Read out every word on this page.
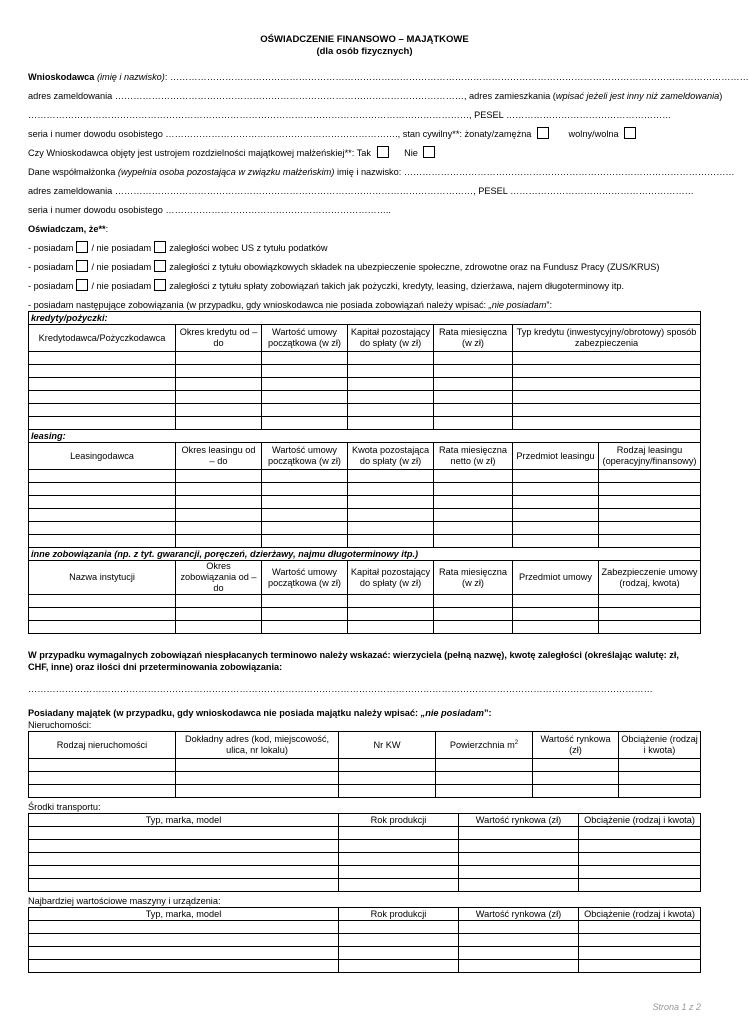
OŚWIADCZENIE FINANSOWO – MAJĄTKOWE
(dla osób fizycznych)
Wnioskodawca (imię i nazwisko): ………………………………………………………………………………………………………………………………………………………………………
adres zameldowania ……………………………………………………………………………………………………, adres zamieszkania (wpisać jeżeli jest inny niż zameldowania)
………………………………………………………………………………………………………………………………, PESEL ………………………………………………
seria i numer dowodu osobistego …………………………………………………………………., stan cywilny**: żonaty/zamężna	wolny/wolna
Czy Wnioskodawca objęty jest ustrojem rozdzielności majątkowej małżeńskiej**: Tak	Nie
Dane współmałżonka (wypełnia osoba pozostająca w związku małżeńskim) imię i nazwisko: ………………………………………………………………………………………………
adres zameldowania ………………………………………………………………………………………………………, PESEL ……………………………………………………
seria i numer dowodu osobistego ………………………………………………………………..
Oświadczam, że**:
- posiadam / nie posiadam zaległości wobec US z tytułu podatków
- posiadam / nie posiadam zaległości z tytułu obowiązkowych składek na ubezpieczenie społeczne, zdrowotne oraz na Fundusz Pracy (ZUS/KRUS)
- posiadam / nie posiadam zaległości z tytułu spłaty zobowiązań takich jak pożyczki, kredyty, leasing, dzierżawa, najem długoterminowy itp.
- posiadam następujące zobowiązania (w przypadku, gdy wnioskodawca nie posiada zobowiązań należy wpisać: „nie posiadam”:
kredyty/pożyczki:					
Kredytodawca/Pożyczkodawca	Okres kredytu od – do	Wartość umowy początkowa (w zł)	Kapitał pozostający do spłaty (w zł)	Rata miesięczna (w zł)	Typ kredytu (inwestycyjny/obrotowy) sposób zabezpieczenia

leasing:						
Leasingodawca	Okres leasingu od – do	Wartość umowy początkowa (w zł)	Kwota pozostająca do spłaty (w zł)	Rata miesięczna netto (w zł)	Przedmiot leasingu	Rodzaj leasingu (operacyjny/finansowy)

inne zobowiązania (np. z tyt. gwarancji, poręczeń, dzierżawy, najmu długoterminowy itp.)						
Nazwa instytucji	Okres zobowiązania od – do	Wartość umowy początkowa (w zł)	Kapitał pozostający do spłaty (w zł)	Rata miesięczna (w zł)	Przedmiot umowy	Zabezpieczenie umowy (rodzaj, kwota)

W przypadku wymagalnych zobowiązań niespłacanych terminowo należy wskazać: wierzyciela (pełną nazwę), kwotę zaległości (określając walutę: zł, CHF, inne) oraz ilości dni przeterminowania zobowiązania:
……………………………………………………………………………………………………………………………………………………………………………………
Posiadany majątek (w przypadku, gdy wnioskodawca nie posiada majątku należy wpisać: „nie posiadam”:
Nieruchomości:
Rodzaj nieruchomości	Dokładny adres (kod, miejscowość, ulica, nr lokalu)	Nr KW	Powierzchnia $m^2$	Wartość rynkowa (zł)	Obciążenie (rodzaj i kwota)

Środki transportu:
Typ, marka, model	Rok produkcji	Wartość rynkowa (zł)	Obciążenie (rodzaj i kwota)

Najbardziej wartościowe maszyny i urządzenia:
Typ, marka, model	Rok produkcji	Wartość rynkowa (zł)	Obciążenie (rodzaj i kwota)

Strona 1 z 2
